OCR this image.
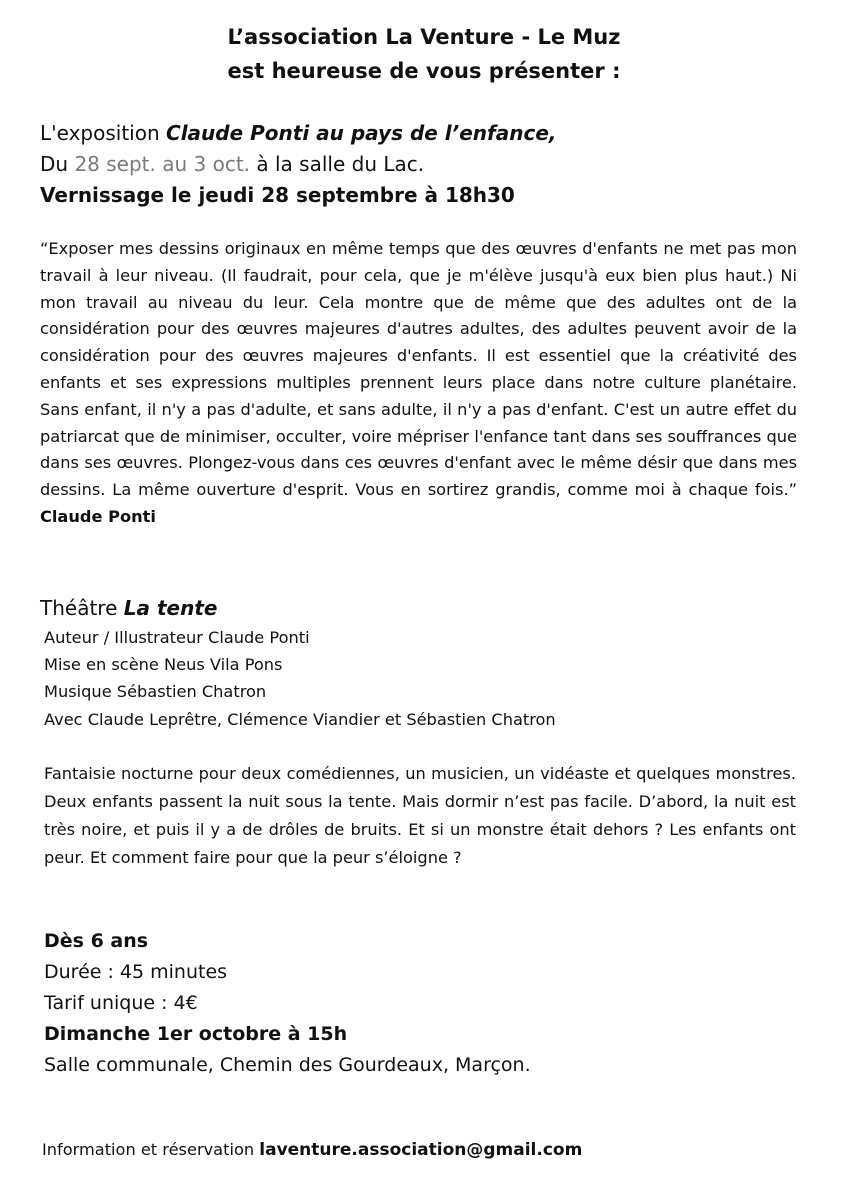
L’association La Venture - Le Muz
est heureuse de vous présenter :
L'exposition Claude Ponti au pays de l’enfance,
Du 28 sept. au 3 oct. à la salle du Lac.
Vernissage le jeudi 28 septembre à 18h30

“Exposer mes dessins originaux en même temps que des œuvres d'enfants ne met pas mon travail à leur niveau. (Il faudrait, pour cela, que je m'élève jusqu'à eux bien plus haut.) Ni mon travail au niveau du leur. Cela montre que de même que des adultes ont de la considération pour des œuvres majeures d'autres adultes, des adultes peuvent avoir de la considération pour des œuvres majeures d'enfants. Il est essentiel que la créativité des enfants et ses expressions multiples prennent leurs place dans notre culture planétaire. Sans enfant, il n'y a pas d'adulte, et sans adulte, il n'y a pas d'enfant. C'est un autre effet du patriarcat que de minimiser, occulter, voire mépriser l'enfance tant dans ses souffrances que dans ses œuvres. Plongez-vous dans ces œuvres d'enfant avec le même désir que dans mes dessins. La même ouverture d'esprit. Vous en sortirez grandis, comme moi à chaque fois.” Claude Ponti

Théâtre La tente
Auteur / Illustrateur Claude Ponti
Mise en scène Neus Vila Pons
Musique Sébastien Chatron
Avec Claude Leprêtre, Clémence Viandier et Sébastien Chatron

Fantaisie nocturne pour deux comédiennes, un musicien, un vidéaste et quelques monstres. Deux enfants passent la nuit sous la tente. Mais dormir n’est pas facile. D’abord, la nuit est très noire, et puis il y a de drôles de bruits. Et si un monstre était dehors ? Les enfants ont peur. Et comment faire pour que la peur s’éloigne ?

Dès 6 ans
Durée : 45 minutes
Tarif unique : 4€
Dimanche 1er octobre à 15h
Salle communale, Chemin des Gourdeaux, Marçon.
Information et réservation laventure.association@gmail.com
